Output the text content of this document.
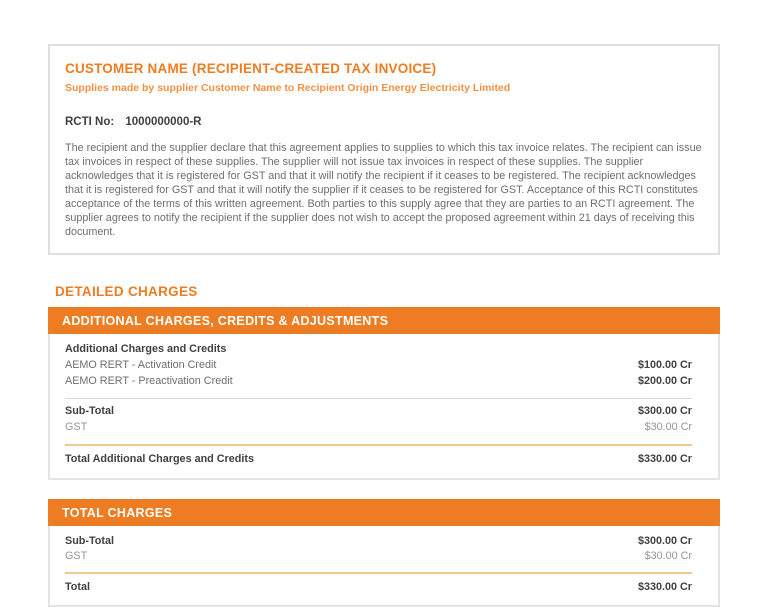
CUSTOMER NAME (RECIPIENT-CREATED TAX INVOICE)
Supplies made by supplier Customer Name to Recipient Origin Energy Electricity Limited
RCTI No: 1000000000-R

The recipient and the supplier declare that this agreement applies to supplies to which this tax invoice relates. The recipient can issue tax invoices in respect of these supplies. The supplier will not issue tax invoices in respect of these supplies. The supplier acknowledges that it is registered for GST and that it will notify the recipient if it ceases to be registered. The recipient acknowledges that it is registered for GST and that it will notify the supplier if it ceases to be registered for GST. Acceptance of this RCTI constitutes acceptance of the terms of this written agreement. Both parties to this supply agree that they are parties to an RCTI agreement. The supplier agrees to notify the recipient if the supplier does not wish to accept the proposed agreement within 21 days of receiving this document.

DETAILED CHARGES
ADDITIONAL CHARGES, CREDITS & ADJUSTMENTS
Additional Charges and Credits
AEMO RERT - Activation Credit	$100.00 Cr
AEMO RERT - Preactivation Credit	$200.00 Cr
Sub-Total	$300.00 Cr
GST	$30.00 Cr
Total Additional Charges and Credits	$330.00 Cr
TOTAL CHARGES
Sub-Total	$300.00 Cr
GST	$30.00 Cr
Total	$330.00 Cr
